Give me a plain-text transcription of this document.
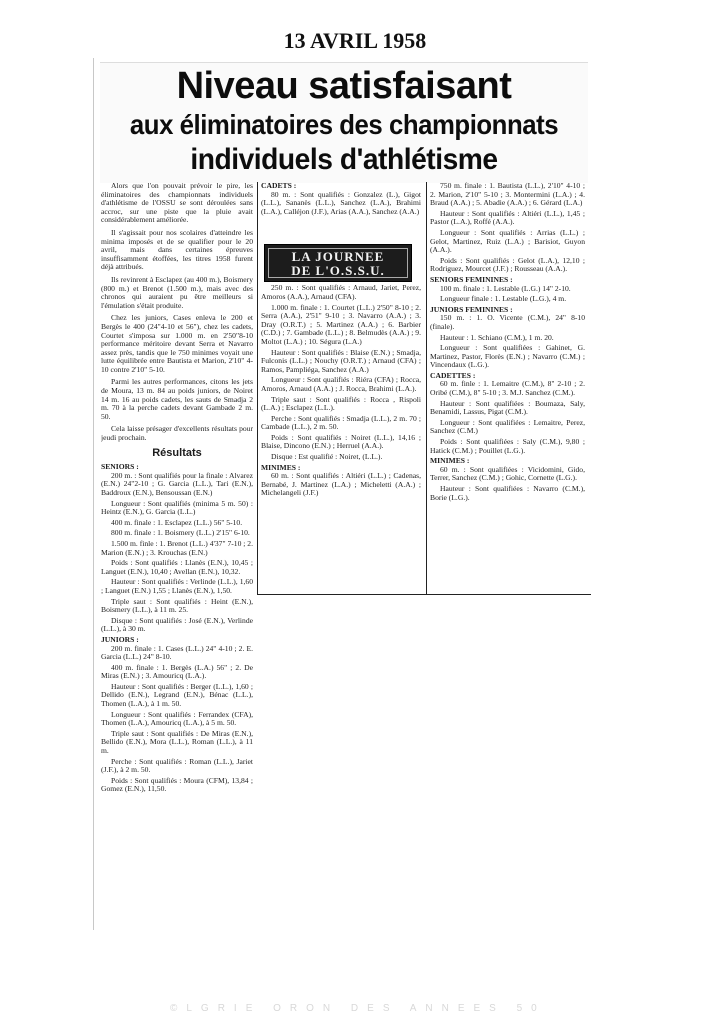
13 AVRIL 1958
Niveau satisfaisant
aux éliminatoires des championnats
individuels d'athlétisme

Alors que l'on pouvait prévoir le pire, les éliminatoires des championnats individuels d'athlétisme de l'OSSU se sont déroulées sans accroc, sur une piste que la pluie avait considérablement améliorée.

Il s'agissait pour nos scolaires d'atteindre les minima imposés et de se qualifier pour le 20 avril, mais dans certaines épreuves insuffisamment étoffées, les titres 1958 furent déjà attribués.

Ils revinrent à Esclapez (au 400 m.), Boismery (800 m.) et Brenot (1.500 m.), mais avec des chronos qui auraient pu être meilleurs si l'émulation s'était produite.

Chez les juniors, Cases enleva le 200 et Bergès le 400 (24"4-10 et 56"), chez les cadets, Courtet s'imposa sur 1.000 m. en 2'50"8-10 performance méritoire devant Serra et Navarro assez près, tandis que le 750 minimes voyait une lutte équilibrée entre Bautista et Marion, 2'10" 4-10 contre 2'10" 5-10.

Parmi les autres performances, citons les jets de Moura, 13 m. 84 au poids juniors, de Noiret 14 m. 16 au poids cadets, les sauts de Smadja 2 m. 70 à la perche cadets devant Gambade 2 m. 50.

Cela laisse présager d'excellents résultats pour jeudi prochain.

Résultats

SENIORS :

200 m. : Sont qualifiés pour la finale : Alvarez (E.N.) 24"2-10 ; G. Garcia (L.L.), Tari (E.N.), Baddroux (E.N.), Bensoussan (E.N.)

Longueur : Sont qualifiés (minima 5 m. 50) : Heintz (E.N.), G. Garcia (L.L.)

400 m. finale : 1. Esclapez (L.L.) 56" 5-10.

800 m. finale : 1. Boismery (L.L.) 2'15" 6-10.

1.500 m. finle : 1. Brenot (L.L.) 4'37" 7-10 ; 2. Marion (E.N.) ; 3. Krouchas (E.N.)

Poids : Sont qualifiés : Llanès (E.N.), 10,45 ; Languet (E.N.), 10,40 ; Avellan (E.N.), 10,32.

Hauteur : Sont qualifiés : Verlinde (L.L.), 1,60 ; Languet (E.N.) 1,55 ; Llanès (E.N.), 1,50.

Triple saut : Sont qualifiés : Heint (E.N.), Boismery (L.L.), à 11 m. 25.

Disque : Sont qualifiés : José (E.N.), Verlinde (L.L.), à 30 m.

JUNIORS :

200 m. finale : 1. Cases (L.L.) 24" 4-10 ; 2. E. Garcia (L.L.) 24" 8-10.

400 m. finale : 1. Bergès (L.A.) 56" ; 2. De Miras (E.N.) ; 3. Amouricq (L.A.).

Hauteur : Sont qualifiés : Berger (L.L.), 1,60 ; Dellido (E.N.), Legrand (E.N.), Bénac (L.L.), Thomen (L.A.), à 1 m. 50.

Longueur : Sont qualifiés : Ferrandex (CFA), Thomen (L.A.), Amouricq (L.A.), à 5 m. 50.

Triple saut : Sont qualifiés : De Miras (E.N.), Bellido (E.N.), Mora (L.L.), Roman (L.L.), à 11 m.

Perche : Sont qualifiés : Roman (L.L.), Jariet (J.F.), à 2 m. 50.

Poids : Sont qualifiés : Moura (CFM), 13,84 ; Gomez (E.N.), 11,50.

CADETS :

80 m. : Sont qualifiés : Gonzalez (L.), Gigot (L.L.), Sananès (L.L.), Sanchez (L.A.), Brahimi (L.A.), Calléjon (J.F.), Arias (A.A.), Sanchez (A.A.)

250 m. : Sont qualifiés : Arnaud, Jariet, Perez, Amoros (A.A.), Arnaud (CFA).

1.000 m. finale : 1. Courtet (L.L.) 2'50" 8-10 ; 2. Serra (A.A.), 2'51" 9-10 ; 3. Navarro (A.A.) ; 3. Dray (O.R.T.) ; 5. Martinez (A.A.) ; 6. Barbier (C.D.) ; 7. Gambade (L.L.) ; 8. Belmudès (A.A.) ; 9. Moltot (L.A.) ; 10. Ségura (L.A.)

Hauteur : Sont qualifiés : Blaise (E.N.) ; Smadja, Fulconis (L.L.) ; Nouchy (O.R.T.) ; Arnaud (CFA) ; Ramos, Pampliéga, Sanchez (A.A.)

Longueur : Sont qualifiés : Riéra (CFA) ; Rocca, Amoros, Arnaud (A.A.) ; J. Rocca, Brahimi (L.A.).

Triple saut : Sont qualifiés : Rocca , Rispoli (L.A.) ; Esclapez (L.L.).

Perche : Sont qualifiés : Smadja (L.L.), 2 m. 70 ; Cambade (L.L.), 2 m. 50.

Poids : Sont qualifiés : Noiret (L.L.), 14,16 ; Blaise, Dincono (E.N.) ; Herruel (A.A.).

Disque : Est qualifié : Noiret, (L.L.).

MINIMES :

60 m. : Sont qualifiés : Altiéri (L.L.) ; Cadenas, Bernabé, J. Martinez (L.A.) ; Micheletti (A.A.) ; Michelangeli (J.F.)

LA JOURNEE
DE L'O.S.S.U.

750 m. finale : 1. Bautista (L.L.), 2'10" 4-10 ; 2. Marion, 2'10" 5-10 ; 3. Montermini (L.A.) ; 4. Braud (A.A.) ; 5. Abadie (A.A.) ; 6. Gérard (L.A.)

Hauteur : Sont qualifiés : Altiéri (L.L.), 1,45 ; Pastor (L.A.), Roffé (A.A.).

Longueur : Sont qualifiés : Arrias (L.L.) ; Gelot, Martinez, Ruiz (L.A.) ; Barisiot, Guyon (A.A.).

Poids : Sont qualifiés : Gelot (L.A.), 12,10 ; Rodriguez, Mourcet (J.F.) ; Rousseau (A.A.).

SENIORS FEMININES :

100 m. finale : 1. Lestable (L.G.) 14" 2-10.

Longueur finale : 1. Lestable (L.G.), 4 m.

JUNIORS FEMININES :

150 m. : 1. O. Vicente (C.M.), 24" 8-10 (finale).

Hauteur : 1. Schiano (C.M.), 1 m. 20.

Longueur : Sont qualifiées : Gahinet, G. Martinez, Pastor, Florès (E.N.) ; Navarro (C.M.) ; Vincendaux (L.G.).

CADETTES :

60 m. finle : 1. Lemaitre (C.M.), 8" 2-10 ; 2. Oribé (C.M.), 8" 5-10 ; 3. M.J. Sanchez (C.M.).

Hauteur : Sont qualifiées : Boumaza, Saly, Benamidi, Lassus, Pigat (C.M.).

Longueur : Sont qualifiées : Lemaitre, Perez, Sanchez (C.M.)

Poids : Sont qualifiées : Saly (C.M.), 9,80 ; Hatick (C.M.) ; Pouillet (L.G.).

MINIMES :

60 m. : Sont qualifiées : Vicidomini, Gido, Terrer, Sanchez (C.M.) ; Gohic, Cornette (L.G.).

Hauteur : Sont qualifiées : Navarro (C.M.), Borie (L.G.).

©LGRIE ORON DES ANNEES 50
